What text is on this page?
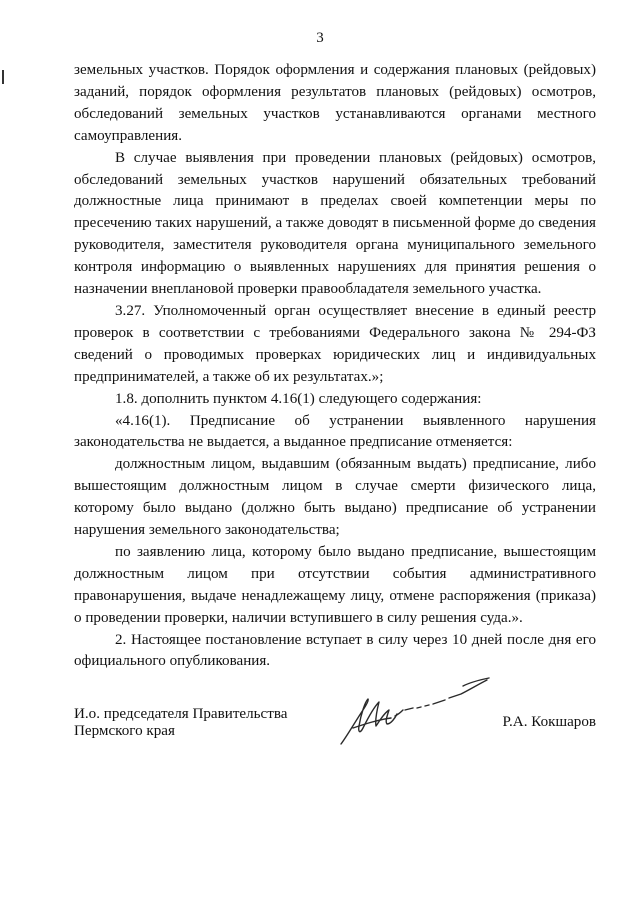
3

земельных участков. Порядок оформления и содержания плановых (рейдовых) заданий, порядок оформления результатов плановых (рейдовых) осмотров, обследований земельных участков устанавливаются органами местного самоуправления.

В случае выявления при проведении плановых (рейдовых) осмотров, обследований земельных участков нарушений обязательных требований должностные лица принимают в пределах своей компетенции меры по пресечению таких нарушений, а также доводят в письменной форме до сведения руководителя, заместителя руководителя органа муниципального земельного контроля информацию о выявленных нарушениях для принятия решения о назначении внеплановой проверки правообладателя земельного участка.

3.27. Уполномоченный орган осуществляет внесение в единый реестр проверок в соответствии с требованиями Федерального закона № 294-ФЗ сведений о проводимых проверках юридических лиц и индивидуальных предпринимателей, а также об их результатах.»;

1.8. дополнить пунктом 4.16(1) следующего содержания:

«4.16(1). Предписание об устранении выявленного нарушения законодательства не выдается, а выданное предписание отменяется:

должностным лицом, выдавшим (обязанным выдать) предписание, либо вышестоящим должностным лицом в случае смерти физического лица, которому было выдано (должно быть выдано) предписание об устранении нарушения земельного законодательства;

по заявлению лица, которому было выдано предписание, вышестоящим должностным лицом при отсутствии события административного правонарушения, выдаче ненадлежащему лицу, отмене распоряжения (приказа) о проведении проверки, наличии вступившего в силу решения суда.».

2. Настоящее постановление вступает в силу через 10 дней после дня его официального опубликования.

И.о. председателя Правительства
Пермского края
Р.А. Кокшаров
